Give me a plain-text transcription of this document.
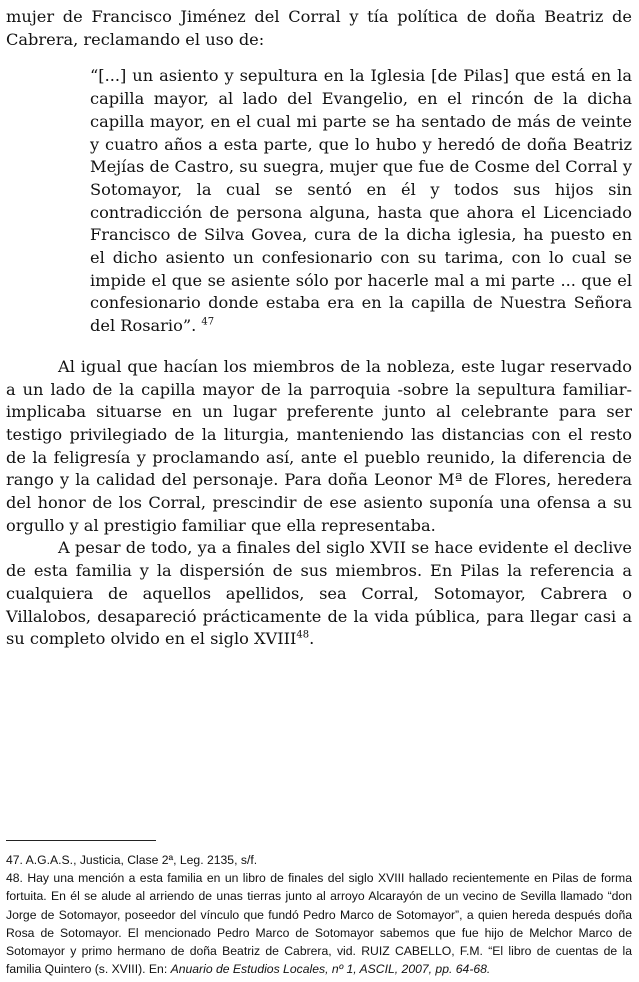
mujer de Francisco Jiménez del Corral y tía política de doña Beatriz de Cabrera, reclamando el uso de:

“[...] un asiento y sepultura en la Iglesia [de Pilas] que está en la capilla mayor, al lado del Evangelio, en el rincón de la dicha capilla mayor, en el cual mi parte se ha sentado de más de veinte y cuatro años a esta parte, que lo hubo y heredó de doña Beatriz Mejías de Castro, su suegra, mujer que fue de Cosme del Corral y Sotomayor, la cual se sentó en él y todos sus hijos sin contradicción de persona alguna, hasta que ahora el Licenciado Francisco de Silva Govea, cura de la dicha iglesia, ha puesto en el dicho asiento un confesionario con su tarima, con lo cual se impide el que se asiente sólo por hacerle mal a mi parte ... que el confesionario donde estaba era en la capilla de Nuestra Señora del Rosario”. $^{47}$

Al igual que hacían los miembros de la nobleza, este lugar reservado a un lado de la capilla mayor de la parroquia -sobre la sepultura familiar- implicaba situarse en un lugar preferente junto al celebrante para ser testigo privilegiado de la liturgia, manteniendo las distancias con el resto de la feligresía y proclamando así, ante el pueblo reunido, la diferencia de rango y la calidad del personaje. Para doña Leonor Mª de Flores, heredera del honor de los Corral, prescindir de ese asiento suponía una ofensa a su orgullo y al prestigio familiar que ella representaba.

A pesar de todo, ya a finales del siglo XVII se hace evidente el declive de esta familia y la dispersión de sus miembros. En Pilas la referencia a cualquiera de aquellos apellidos, sea Corral, Sotomayor, Cabrera o Villalobos, desapareció prácticamente de la vida pública, para llegar casi a su completo olvido en el siglo XVIII$^{48}$.

47. A.G.A.S., Justicia, Clase 2ª, Leg. 2135, s/f.

48. Hay una mención a esta familia en un libro de finales del siglo XVIII hallado recientemente en Pilas de forma fortuita. En él se alude al arriendo de unas tierras junto al arroyo Alcarayón de un vecino de Sevilla llamado “don Jorge de Sotomayor, poseedor del vínculo que fundó Pedro Marco de Sotomayor”, a quien hereda después doña Rosa de Sotomayor. El mencionado Pedro Marco de Sotomayor sabemos que fue hijo de Melchor Marco de Sotomayor y primo hermano de doña Beatriz de Cabrera, vid. RUIZ CABELLO, F.M. “El libro de cuentas de la familia Quintero (s. XVIII). En: Anuario de Estudios Locales, nº 1, ASCIL, 2007, pp. 64-68.
